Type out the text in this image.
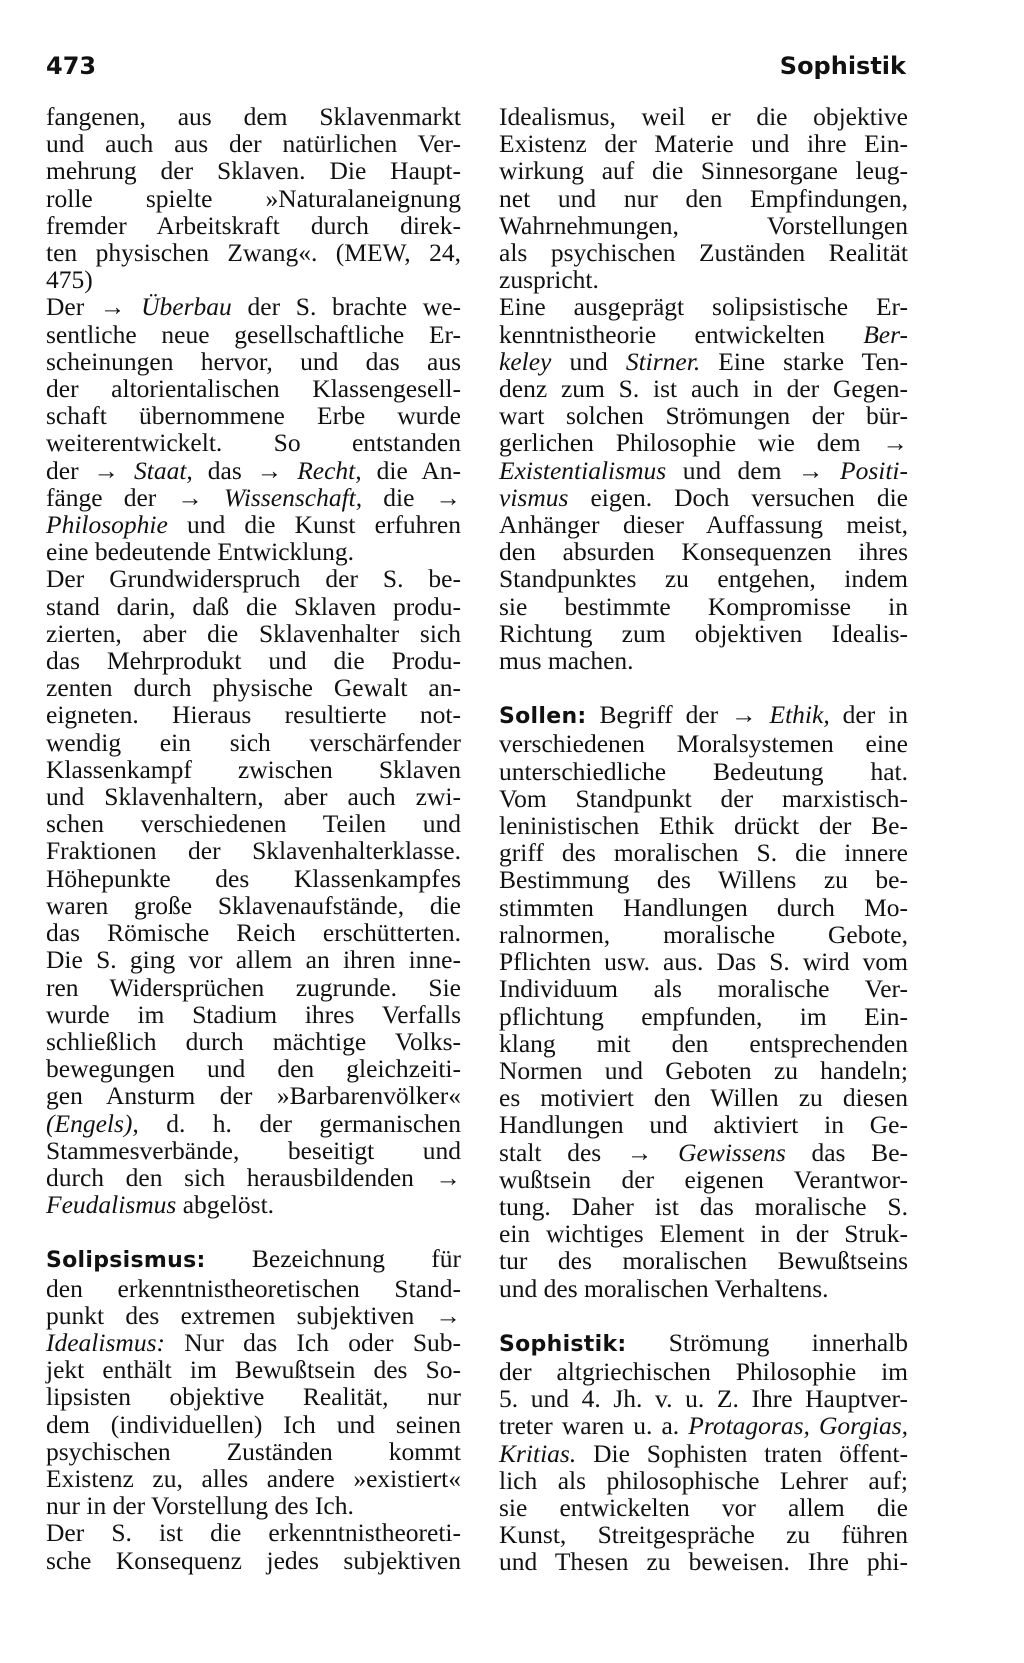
473	Sophistik
fangenen, aus dem Sklavenmarkt
und auch aus der natürlichen Ver-
mehrung der Sklaven. Die Haupt-
rolle spielte »Naturalaneignung
fremder Arbeitskraft durch direk-
ten physischen Zwang«. (MEW, 24,
475)
Der → Überbau der S. brachte we-
sentliche neue gesellschaftliche Er-
scheinungen hervor, und das aus
der altorientalischen Klassengesell-
schaft übernommene Erbe wurde
weiterentwickelt. So entstanden
der → Staat, das → Recht, die An-
fänge der → Wissenschaft, die →
Philosophie und die Kunst erfuhren
eine bedeutende Entwicklung.
Der Grundwiderspruch der S. be-
stand darin, daß die Sklaven produ-
zierten, aber die Sklavenhalter sich
das Mehrprodukt und die Produ-
zenten durch physische Gewalt an-
eigneten. Hieraus resultierte not-
wendig ein sich verschärfender
Klassenkampf zwischen Sklaven
und Sklavenhaltern, aber auch zwi-
schen verschiedenen Teilen und
Fraktionen der Sklavenhalterklasse.
Höhepunkte des Klassenkampfes
waren große Sklavenaufstände, die
das Römische Reich erschütterten.
Die S. ging vor allem an ihren inne-
ren Widersprüchen zugrunde. Sie
wurde im Stadium ihres Verfalls
schließlich durch mächtige Volks-
bewegungen und den gleichzeiti-
gen Ansturm der »Barbarenvölker«
(Engels), d. h. der germanischen
Stammesverbände, beseitigt und
durch den sich herausbildenden →
Feudalismus abgelöst.
Solipsismus: Bezeichnung für
den erkenntnistheoretischen Stand-
punkt des extremen subjektiven →
Idealismus: Nur das Ich oder Sub-
jekt enthält im Bewußtsein des So-
lipsisten objektive Realität, nur
dem (individuellen) Ich und seinen
psychischen Zuständen kommt
Existenz zu, alles andere »existiert«
nur in der Vorstellung des Ich.
Der S. ist die erkenntnistheoreti-
sche Konsequenz jedes subjektiven
Idealismus, weil er die objektive
Existenz der Materie und ihre Ein-
wirkung auf die Sinnesorgane leug-
net und nur den Empfindungen,
Wahrnehmungen, Vorstellungen
als psychischen Zuständen Realität
zuspricht.
Eine ausgeprägt solipsistische Er-
kenntnistheorie entwickelten Ber-
keley und Stirner. Eine starke Ten-
denz zum S. ist auch in der Gegen-
wart solchen Strömungen der bür-
gerlichen Philosophie wie dem →
Existentialismus und dem → Positi-
vismus eigen. Doch versuchen die
Anhänger dieser Auffassung meist,
den absurden Konsequenzen ihres
Standpunktes zu entgehen, indem
sie bestimmte Kompromisse in
Richtung zum objektiven Idealis-
mus machen.
Sollen: Begriff der → Ethik, der in
verschiedenen Moralsystemen eine
unterschiedliche Bedeutung hat.
Vom Standpunkt der marxistisch-
leninistischen Ethik drückt der Be-
griff des moralischen S. die innere
Bestimmung des Willens zu be-
stimmten Handlungen durch Mo-
ralnormen, moralische Gebote,
Pflichten usw. aus. Das S. wird vom
Individuum als moralische Ver-
pflichtung empfunden, im Ein-
klang mit den entsprechenden
Normen und Geboten zu handeln;
es motiviert den Willen zu diesen
Handlungen und aktiviert in Ge-
stalt des → Gewissens das Be-
wußtsein der eigenen Verantwor-
tung. Daher ist das moralische S.
ein wichtiges Element in der Struk-
tur des moralischen Bewußtseins
und des moralischen Verhaltens.
Sophistik: Strömung innerhalb
der altgriechischen Philosophie im
5. und 4. Jh. v. u. Z. Ihre Hauptver-
treter waren u. a. Protagoras, Gorgias,
Kritias. Die Sophisten traten öffent-
lich als philosophische Lehrer auf;
sie entwickelten vor allem die
Kunst, Streitgespräche zu führen
und Thesen zu beweisen. Ihre phi-
